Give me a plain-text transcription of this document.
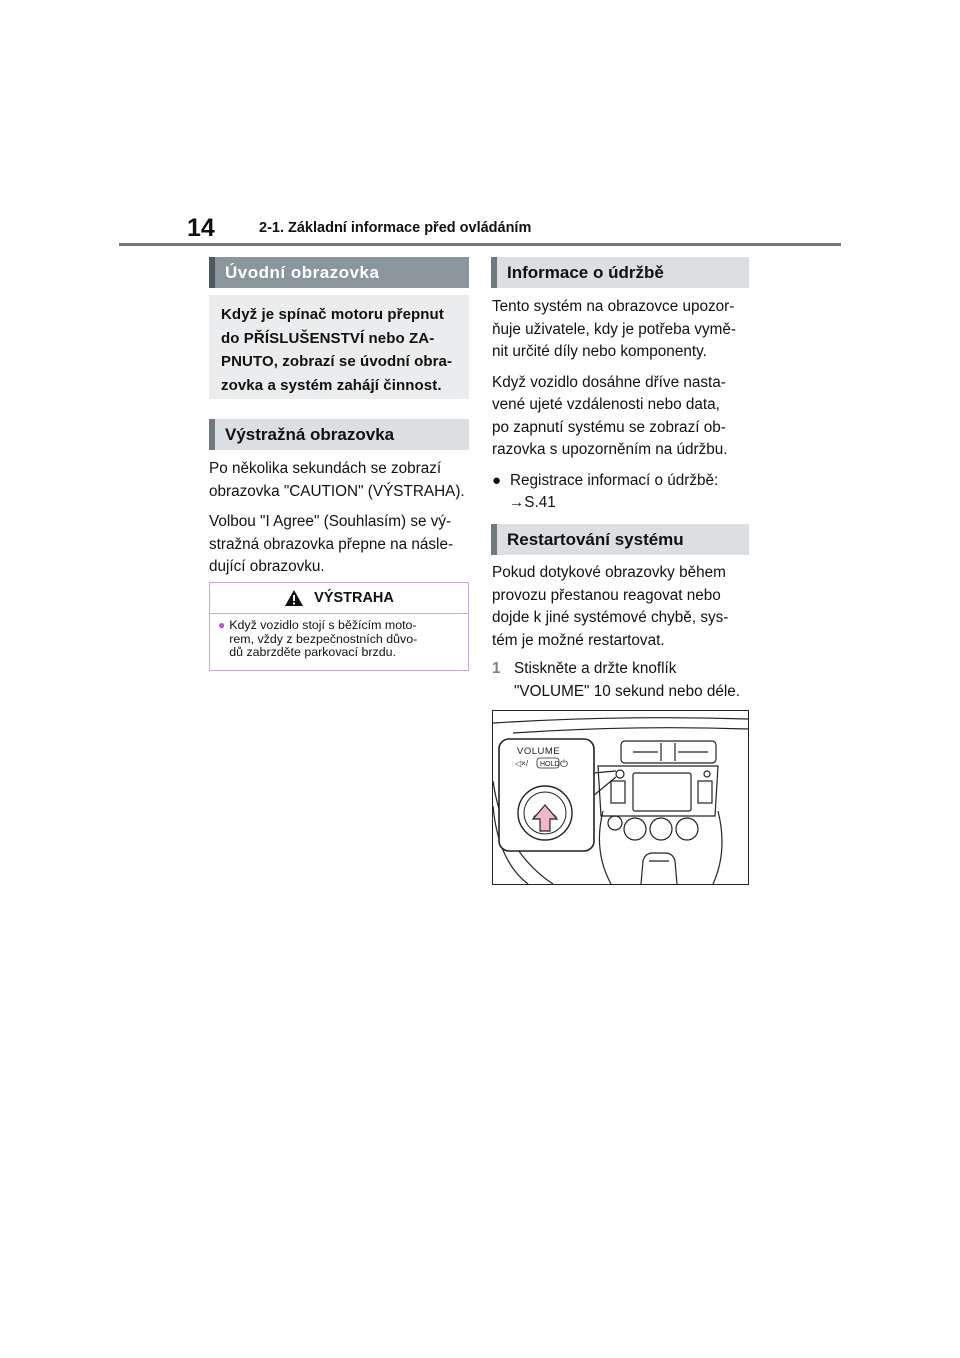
14	2-1. Základní informace před ovládáním
Úvodní obrazovka

Když je spínač motoru přepnut

do PŘÍSLUŠENSTVÍ nebo ZA-

PNUTO, zobrazí se úvodní obra-

zovka a systém zahájí činnost.

Výstražná obrazovka

Po několika sekundách se zobrazí
obrazovka "CAUTION" (VÝSTRAHA).

Volbou "I Agree" (Souhlasím) se vý-
stražná obrazovka přepne na násle-
dující obrazovku.

VÝSTRAHA
● Když vozidlo stojí s běžícím moto-
rem, vždy z bezpečnostních důvo-
dů zabrzděte parkovací brzdu.
Informace o údržbě

Tento systém na obrazovce upozor-
ňuje uživatele, kdy je potřeba vymě-
nit určité díly nebo komponenty.

Když vozidlo dosáhne dříve nasta-
vené ujeté vzdálenosti nebo data,
po zapnutí systému se zobrazí ob-
razovka s upozorněním na údržbu.

● Registrace informací o údržbě:
→S.41

Restartování systému

Pokud dotykové obrazovky během
provozu přestanou reagovat nebo
dojde k jiné systémové chybě, sys-
tém je možné restartovat.

1 Stiskněte a držte knoflík
"VOLUME" 10 sekund nebo déle.
VOLUME
◁×/ HOLD ⏻
